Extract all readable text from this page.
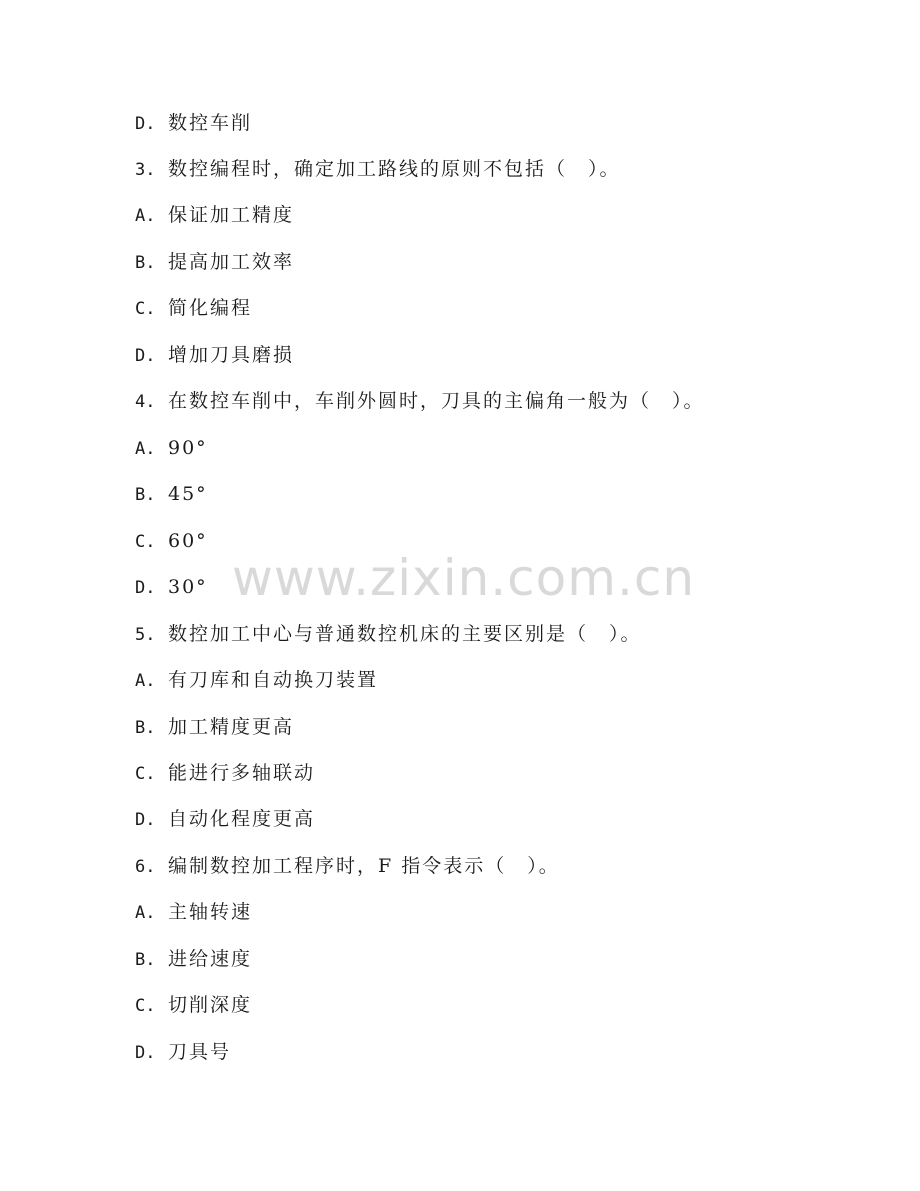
D. 数控车削
3. 数控编程时，确定加工路线的原则不包括（　）。
A. 保证加工精度
B. 提高加工效率
C. 简化编程
D. 增加刀具磨损
4. 在数控车削中，车削外圆时，刀具的主偏角一般为（　）。
A. 90°
B. 45°
C. 60°
D. 30°
5. 数控加工中心与普通数控机床的主要区别是（　）。
A. 有刀库和自动换刀装置
B. 加工精度更高
C. 能进行多轴联动
D. 自动化程度更高
6. 编制数控加工程序时，F 指令表示（　）。
A. 主轴转速
B. 进给速度
C. 切削深度
D. 刀具号
www.zixin.com.cn
